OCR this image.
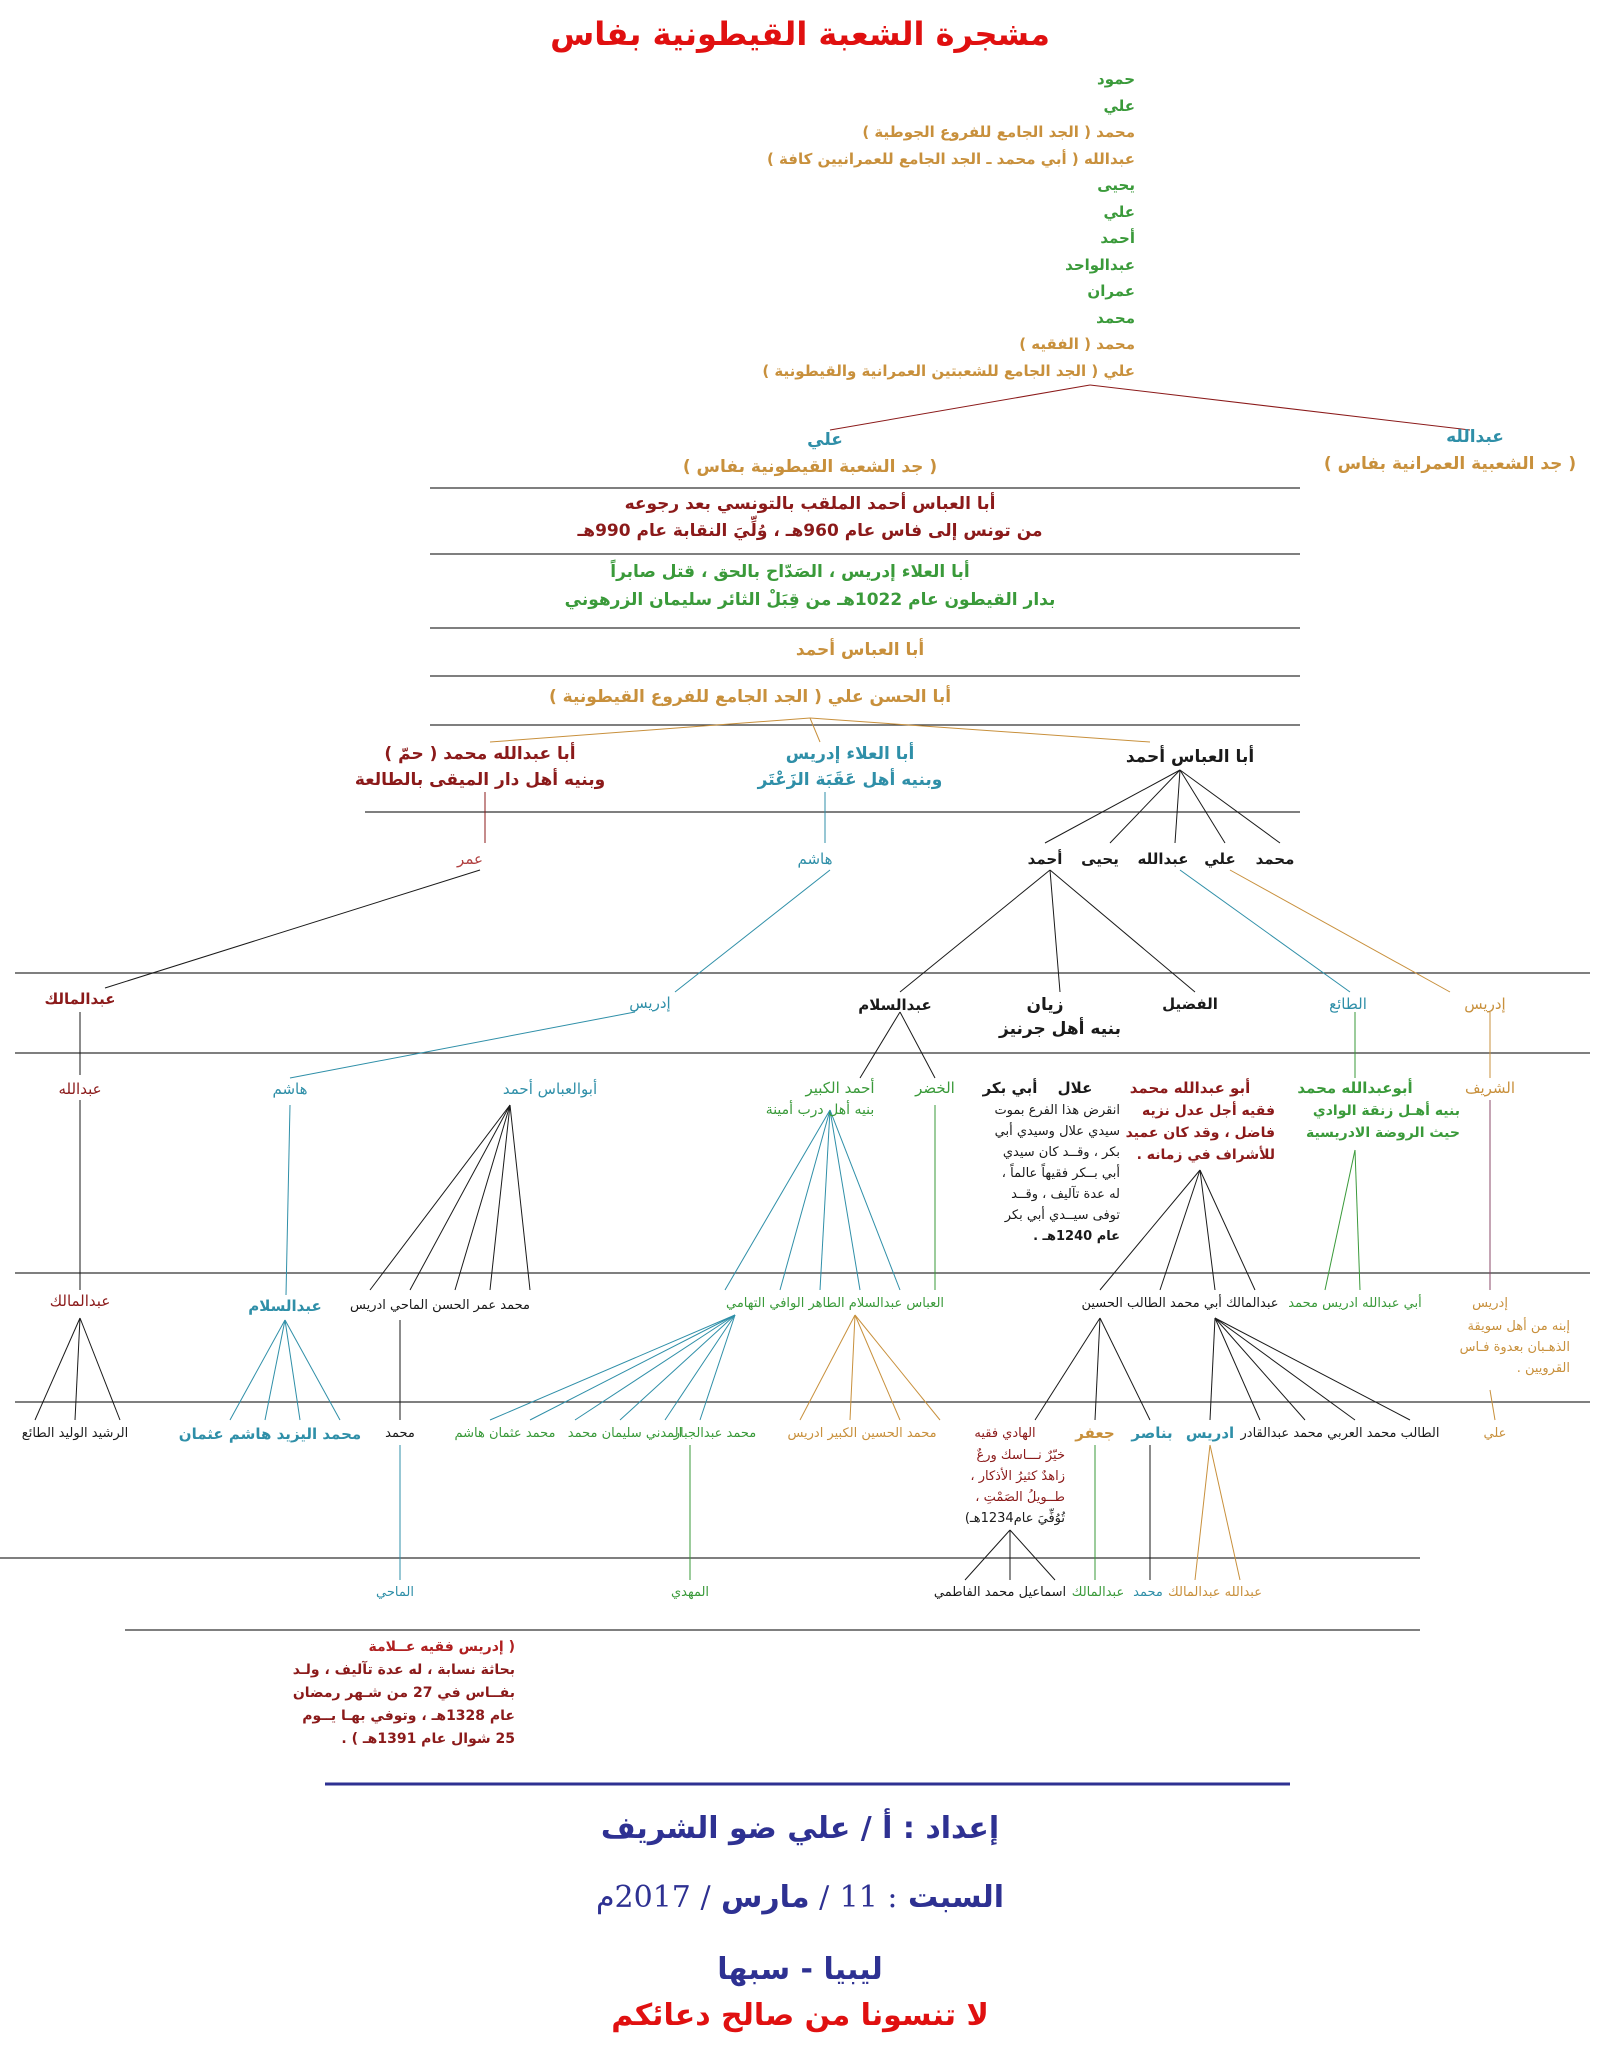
مشجرة الشعبة القيطونية بفاس
حمود
علي
محمد ( الجد الجامع للفروع الجوطية )
عبدالله ( أبي محمد ـ الجد الجامع للعمرانيين كافة )
يحيى
علي
أحمد
عبدالواحد
عمران
محمد
محمد ( الفقيه )
علي ( الجد الجامع للشعبتين العمرانية والقيطونية )
علي
( جد الشعبة القيطونية بفاس )
عبدالله
( جد الشعبية العمرانية بفاس )
أبا العباس أحمد الملقب بالتونسي بعد رجوعه
من تونس إلى فاس عام 960هـ ، وُلِّيَ النقابة عام 990هـ
أبا العلاء إدريس ، الصَدّاح بالحق ، قتل صابراً
بدار القيطون عام 1022هـ من قِبَلْ الثائر سليمان الزرهوني
أبا العباس أحمد
أبا الحسن علي ( الجد الجامع للفروع القيطونية )
أبا العباس أحمد
أبا العلاء إدريس
وبنيه أهل عَقَبَة الزَعْتَر
أبا عبدالله محمد ( حمّ )
وبنيه أهل دار الميقى بالطالعة
عمر	هاشم	أحمد يحيى عبدالله علي محمد
عبدالمالك	إدريس	عبدالسلام	زيان
بنيه أهل جرنيز
الفضيل	الطائع	إدريس
عبدالله	هاشم	أبوالعباس أحمد	أحمد الكبير
بنيه أهل درب أمينة
الخضر	علال
أبي بكر
انقرض هذا الفرع بموت
سيدي علال وسيدي أبي
بكر ، وقــد كان سيدي
أبي بــكر فقيهاً عالماً ،
له عدة تآليف ، وقــد
توفى سيــدي أبي بكر
عام 1240هـ .
أبو عبدالله محمد
فقيه أجل عدل نزيه
فاضل ، وقد كان عميد
للأشراف في زمانه .
أبوعبدالله محمد
بنيه أهـل زنقة الوادي
حيث الروضة الادريسية
الشريف
عبدالمالك	عبدالسلام محمد عمر الحسن الماحي ادريس	العباس عبدالسلام الطاهر الوافي التهامي	عبدالمالك أبي محمد الطالب الحسين أبي عبدالله ادريس محمد	إدريس
إبنه من أهل سويقة
الذهـبان بعدوة فـاس
القرويين .
الرشيد الوليد الطائع	محمد اليزيد هاشم عثمان محمد	محمد عثمان هاشم المدني سليمان محمد
محمد عبدالجبار محمد الحسين الكبير ادريس	الهادي فقيه
خيّرٌ نـــاسك ورعٌ
زاهدٌ كثيرُ الأذكار ،
طــويلُ الصَمْتِ ،
تُوُفِّيَ عام1234هـ)
جعفر بناصر ادريس الطالب محمد العربي محمد عبدالقادر	علي
الماحي	المهدي	اسماعيل محمد الفاطمي عبدالمالك محمد عبدالله عبدالمالك
( إدريس فقيه عــلامة
بحاثة نسابة ، له عدة تآليف ، ولـد
بفــاس في 27 من شـهر رمضان
عام 1328هـ ، وتوفي بهـا يــوم
25 شوال عام 1391هـ ) .
إعداد : أ / علي ضو الشريف
السبت : 11 / مارس / 2017م
ليبيا - سبها
لا تنسونا من صالح دعائكم
